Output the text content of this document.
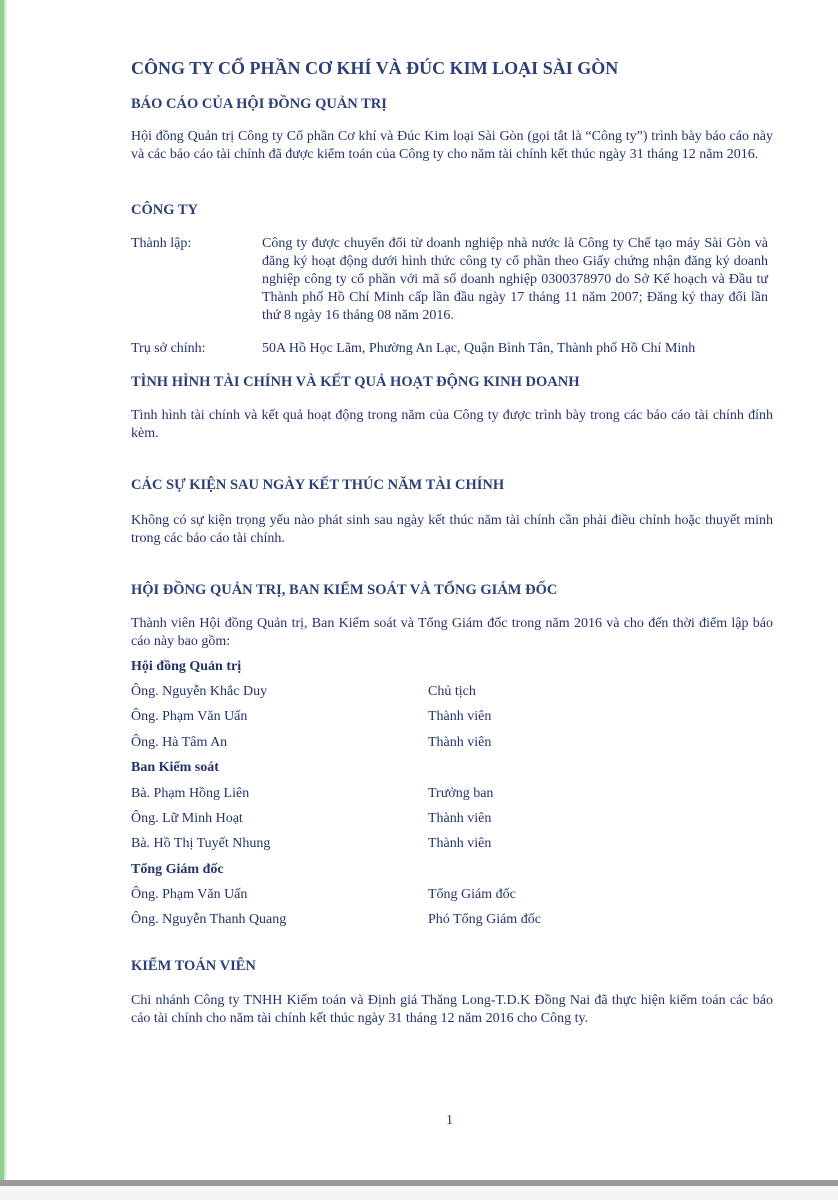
CÔNG TY CỔ PHẦN CƠ KHÍ VÀ ĐÚC KIM LOẠI SÀI GÒN
BÁO CÁO CỦA HỘI ĐỒNG QUẢN TRỊ
Hội đồng Quản trị Công ty Cổ phần Cơ khí và Đúc Kim loại Sài Gòn (gọi tắt là “Công ty”) trình bày báo cáo này và các báo cáo tài chính đã được kiểm toán của Công ty cho năm tài chính kết thúc ngày 31 tháng 12 năm 2016.
CÔNG TY
Thành lập:	Công ty được chuyển đổi từ doanh nghiệp nhà nước là Công ty Chế tạo máy Sài Gòn và đăng ký hoạt động dưới hình thức công ty cổ phần theo Giấy chứng nhận đăng ký doanh nghiệp công ty cổ phần với mã số doanh nghiệp 0300378970 do Sở Kế hoạch và Đầu tư Thành phố Hồ Chí Minh cấp lần đầu ngày 17 tháng 11 năm 2007; Đăng ký thay đổi lần thứ 8 ngày 16 tháng 08 năm 2016.
Trụ sở chính:	50A Hồ Học Lãm, Phường An Lạc, Quận Bình Tân, Thành phố Hồ Chí Minh
TÌNH HÌNH TÀI CHÍNH VÀ KẾT QUẢ HOẠT ĐỘNG KINH DOANH
Tình hình tài chính và kết quả hoạt động trong năm của Công ty được trình bày trong các báo cáo tài chính đính kèm.
CÁC SỰ KIỆN SAU NGÀY KẾT THÚC NĂM TÀI CHÍNH
Không có sự kiện trọng yếu nào phát sinh sau ngày kết thúc năm tài chính cần phải điều chỉnh hoặc thuyết minh trong các báo cáo tài chính.
HỘI ĐỒNG QUẢN TRỊ, BAN KIỂM SOÁT VÀ TỔNG GIÁM ĐỐC
Thành viên Hội đồng Quản trị, Ban Kiểm soát và Tổng Giám đốc trong năm 2016 và cho đến thời điểm lập báo cáo này bao gồm:
Hội đồng Quản trị
Ông. Nguyễn Khắc Duy	Chủ tịch
Ông. Phạm Văn Uấn	Thành viên
Ông. Hà Tâm An	Thành viên
Ban Kiểm soát
Bà. Phạm Hồng Liên	Trưởng ban
Ông. Lữ Minh Hoạt	Thành viên
Bà. Hồ Thị Tuyết Nhung	Thành viên
Tổng Giám đốc
Ông. Phạm Văn Uấn	Tổng Giám đốc
Ông. Nguyễn Thanh Quang	Phó Tổng Giám đốc
KIỂM TOÁN VIÊN
Chi nhánh Công ty TNHH Kiểm toán và Định giá Thăng Long-T.D.K Đồng Nai đã thực hiện kiểm toán các báo cáo tài chính cho năm tài chính kết thúc ngày 31 tháng 12 năm 2016 cho Công ty.
1
